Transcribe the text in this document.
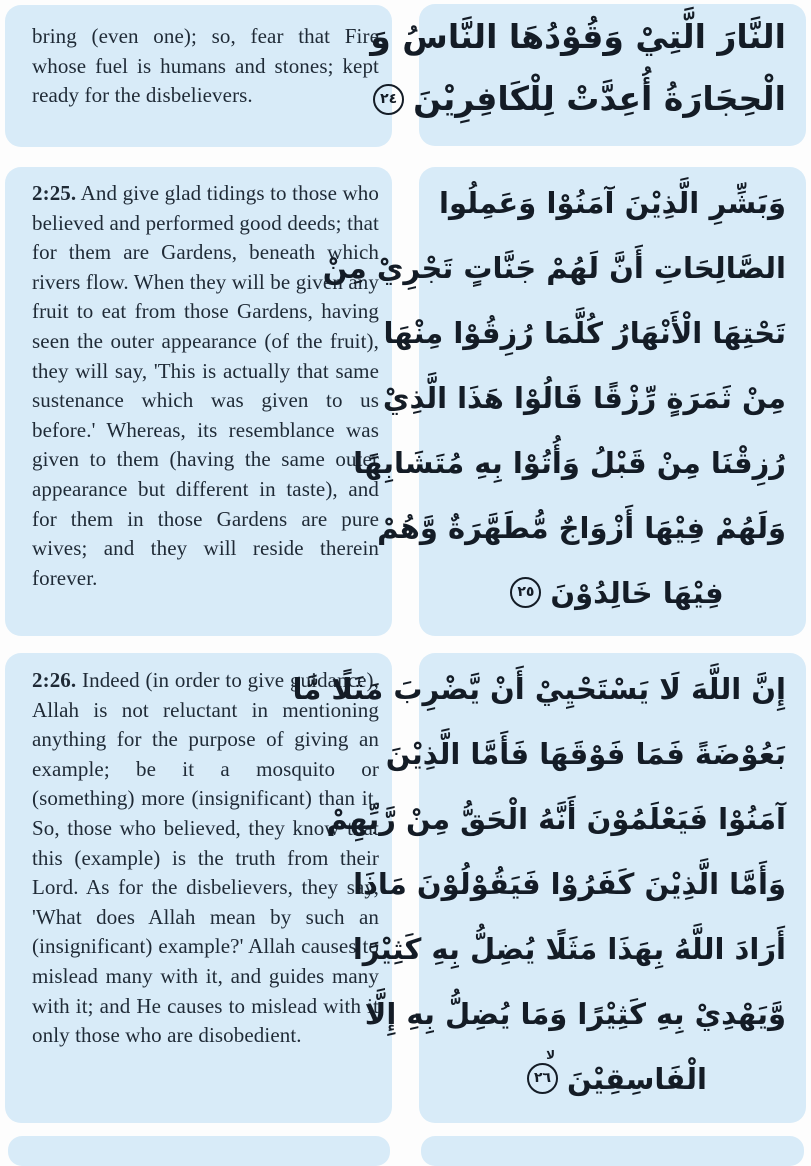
bring (even one); so, fear that Fire whose fuel is humans and stones; kept ready for the disbelievers.

النَّارَ الَّتِيْ وَقُوْدُهَا النَّاسُ وَ
الْحِجَارَةُ أُعِدَّتْ لِلْكَافِرِيْنَ
٢٤

2:25. And give glad tidings to those who believed and performed good deeds; that for them are Gardens, beneath which rivers flow. When they will be given any fruit to eat from those Gardens, having seen the outer appearance (of the fruit), they will say, 'This is actually that same sustenance which was given to us before.' Whereas, its resemblance was given to them (having the same outer appearance but different in taste), and for them in those Gardens are pure wives; and they will reside therein forever.

وَبَشِّرِ الَّذِيْنَ آمَنُوْا وَعَمِلُوا
الصَّالِحَاتِ أَنَّ لَهُمْ جَنَّاتٍ تَجْرِيْ مِنْ
تَحْتِهَا الْأَنْهَارُ كُلَّمَا رُزِقُوْا مِنْهَا
مِنْ ثَمَرَةٍ رِّزْقًا قَالُوْا هَذَا الَّذِيْ
رُزِقْنَا مِنْ قَبْلُ وَأُتُوْا بِهِ مُتَشَابِهًا
وَلَهُمْ فِيْهَا أَزْوَاجٌ مُّطَهَّرَةٌ وَّهُمْ
فِيْهَا خَالِدُوْنَ
٢٥

2:26. Indeed (in order to give guidance), Allah is not reluctant in mentioning anything for the purpose of giving an example; be it a mosquito or (something) more (insignificant) than it. So, those who believed, they know that this (example) is the truth from their Lord. As for the disbelievers, they say, 'What does Allah mean by such an (insignificant) example?' Allah causes to mislead many with it, and guides many with it; and He causes to mislead with it only those who are disobedient.

إِنَّ اللَّهَ لَا يَسْتَحْيِيْ أَنْ يَّضْرِبَ مَثَلًا مَّا
بَعُوْضَةً فَمَا فَوْقَهَا فَأَمَّا الَّذِيْنَ
آمَنُوْا فَيَعْلَمُوْنَ أَنَّهُ الْحَقُّ مِنْ رَّبِّهِمْ
وَأَمَّا الَّذِيْنَ كَفَرُوْا فَيَقُوْلُوْنَ مَاذَا
أَرَادَ اللَّهُ بِهَذَا مَثَلًا يُضِلُّ بِهِ كَثِيْرًا
وَّيَهْدِيْ بِهِ كَثِيْرًا وَمَا يُضِلُّ بِهِ إِلَّا
الْفَاسِقِيْنَ
٢٦
لا
